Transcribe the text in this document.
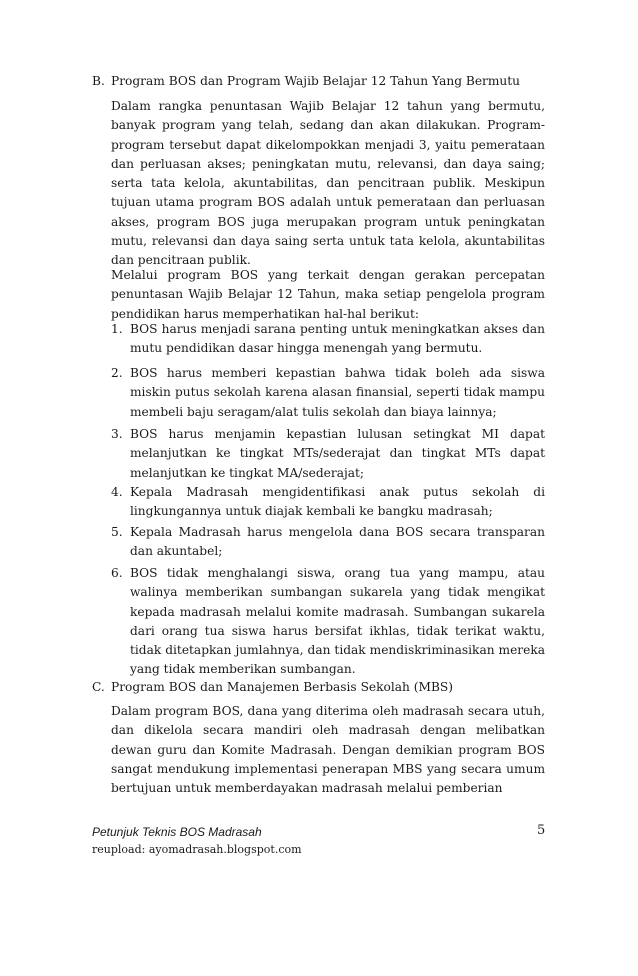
B. Program BOS dan Program Wajib Belajar 12 Tahun Yang Bermutu

Dalam rangka penuntasan Wajib Belajar 12 tahun yang bermutu, banyak program yang telah, sedang dan akan dilakukan. Program-program tersebut dapat dikelompokkan menjadi 3, yaitu pemerataan dan perluasan akses; peningkatan mutu, relevansi, dan daya saing; serta tata kelola, akuntabilitas, dan pencitraan publik. Meskipun tujuan utama program BOS adalah untuk pemerataan dan perluasan akses, program BOS juga merupakan program untuk peningkatan mutu, relevansi dan daya saing serta untuk tata kelola, akuntabilitas dan pencitraan publik.

Melalui program BOS yang terkait dengan gerakan percepatan penuntasan Wajib Belajar 12 Tahun, maka setiap pengelola program pendidikan harus memperhatikan hal-hal berikut:

1. BOS harus menjadi sarana penting untuk meningkatkan akses dan mutu pendidikan dasar hingga menengah yang bermutu.
2. BOS harus memberi kepastian bahwa tidak boleh ada siswa miskin putus sekolah karena alasan finansial, seperti tidak mampu membeli baju seragam/alat tulis sekolah dan biaya lainnya;
3. BOS harus menjamin kepastian lulusan setingkat MI dapat melanjutkan ke tingkat MTs/sederajat dan tingkat MTs dapat melanjutkan ke tingkat MA/sederajat;
4. Kepala Madrasah mengidentifikasi anak putus sekolah di lingkungannya untuk diajak kembali ke bangku madrasah;
5. Kepala Madrasah harus mengelola dana BOS secara transparan dan akuntabel;
6. BOS tidak menghalangi siswa, orang tua yang mampu, atau walinya memberikan sumbangan sukarela yang tidak mengikat kepada madrasah melalui komite madrasah. Sumbangan sukarela dari orang tua siswa harus bersifat ikhlas, tidak terikat waktu, tidak ditetapkan jumlahnya, dan tidak mendiskriminasikan mereka yang tidak memberikan sumbangan.
C. Program BOS dan Manajemen Berbasis Sekolah (MBS)

Dalam program BOS, dana yang diterima oleh madrasah secara utuh, dan dikelola secara mandiri oleh madrasah dengan melibatkan dewan guru dan Komite Madrasah. Dengan demikian program BOS sangat mendukung implementasi penerapan MBS yang secara umum bertujuan untuk memberdayakan madrasah melalui pemberian

Petunjuk Teknis BOS Madrasah	5
reupload: ayomadrasah.blogspot.com
